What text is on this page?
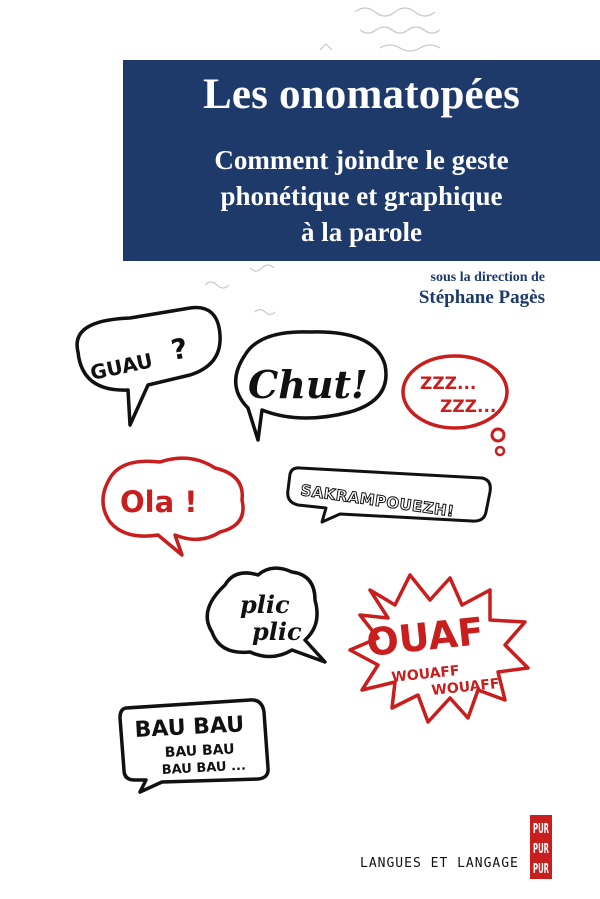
Les onomatopées
Comment joindre le geste
phonétique et graphique
à la parole
sous la direction de
Stéphane Pagès
GUAU ?
Chut!	ZZZ...
ZZZ...
Ola !	SAKRAMPOUEZH!
plic
plic OUAF
WOUAFF
WOUAFF
BAU BAU
BAU BAU
BAU BAU ...
PUR
PUR
PUR
LANGUES ET LANGAGE
